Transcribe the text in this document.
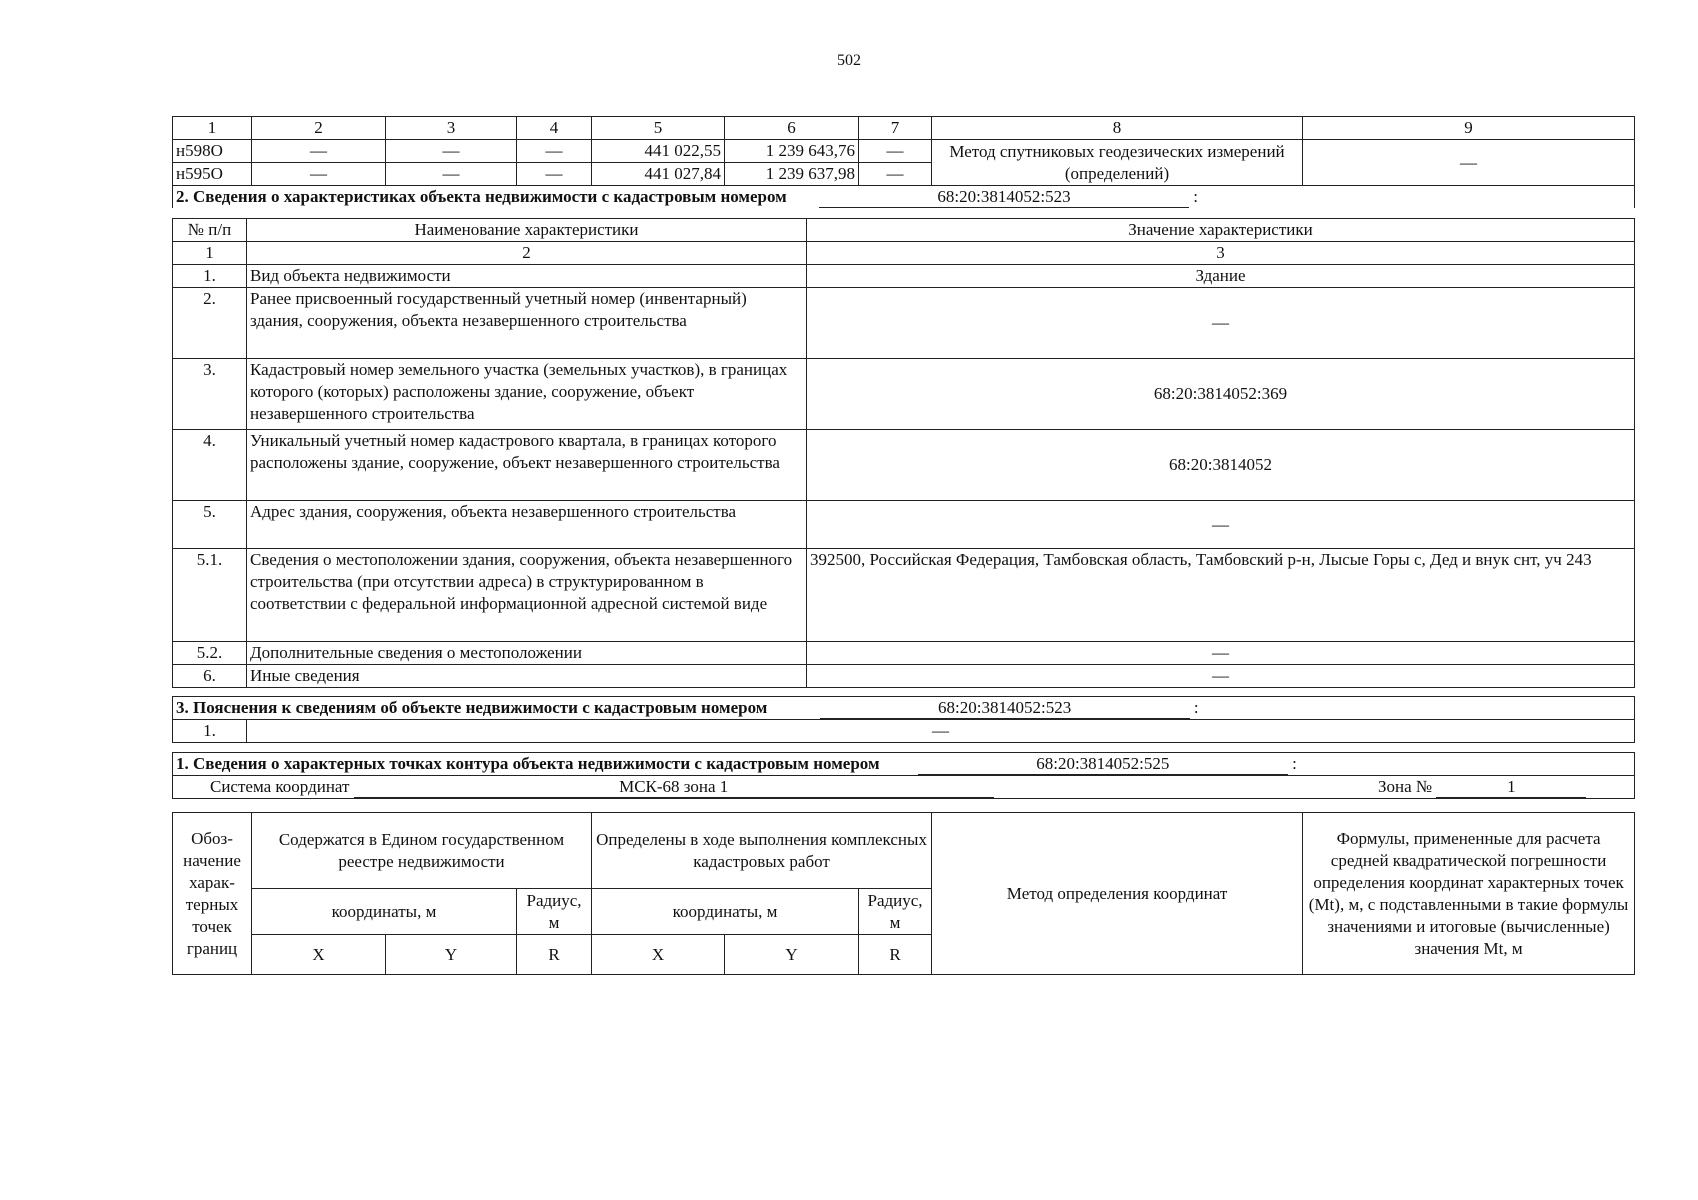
502
1	2	3	4	5	6	7	8	9
н598О	—	—	—	441 022,55	1 239 643,76	—	Метод спутниковых геодезических измерений (определений)	—
н595О	—	—	—	441 027,84	1 239 637,98	—		
2. Сведения о характеристиках объекта недвижимости с кадастровым номером 68:20:3814052:523 :								
№ п/п	Наименование характеристики	Значение характеристики
1	2	3
1.	Вид объекта недвижимости	Здание
2.	Ранее присвоенный государственный учетный номер (инвентарный) здания, сооружения, объекта незавершенного строительства	—
3.	Кадастровый номер земельного участка (земельных участков), в границах которого (которых) расположены здание, сооружение, объект незавершенного строительства	68:20:3814052:369
4.	Уникальный учетный номер кадастрового квартала, в границах которого расположены здание, сооружение, объект незавершенного строительства	68:20:3814052
5.	Адрес здания, сооружения, объекта незавершенного строительства	—
5.1.	Сведения о местоположении здания, сооружения, объекта незавершенного строительства (при отсутствии адреса) в структурированном в соответствии с федеральной информационной адресной системой виде	392500, Российская Федерация, Тамбовская область, Тамбовский р-н, Лысые Горы с, Дед и внук снт, уч 243
5.2.	Дополнительные сведения о местоположении	—
6.	Иные сведения	—
3. Пояснения к сведениям об объекте недвижимости с кадастровым номером	68:20:3814052:523	:
1.	—
1. Сведения о характерных точках контура объекта недвижимости с кадастровым номером	68:20:3814052:525	:
Система координат	МСК-68 зона 1	Зона №	1
Обоз- начение харак- терных точек границ	Содержатся в Едином государственном реестре недвижимости			Определены в ходе выполнения комплексных кадастровых работ			Метод определения координат	Формулы, примененные для расчета средней квадратической погрешности определения координат характерных точек (Mt), м, с подставленными в такие формулы значениями и итоговые (вычисленные) значения Mt, м
	координаты, м		Радиус, м	координаты, м		Радиус, м		
	X	Y	R	X	Y	R		
